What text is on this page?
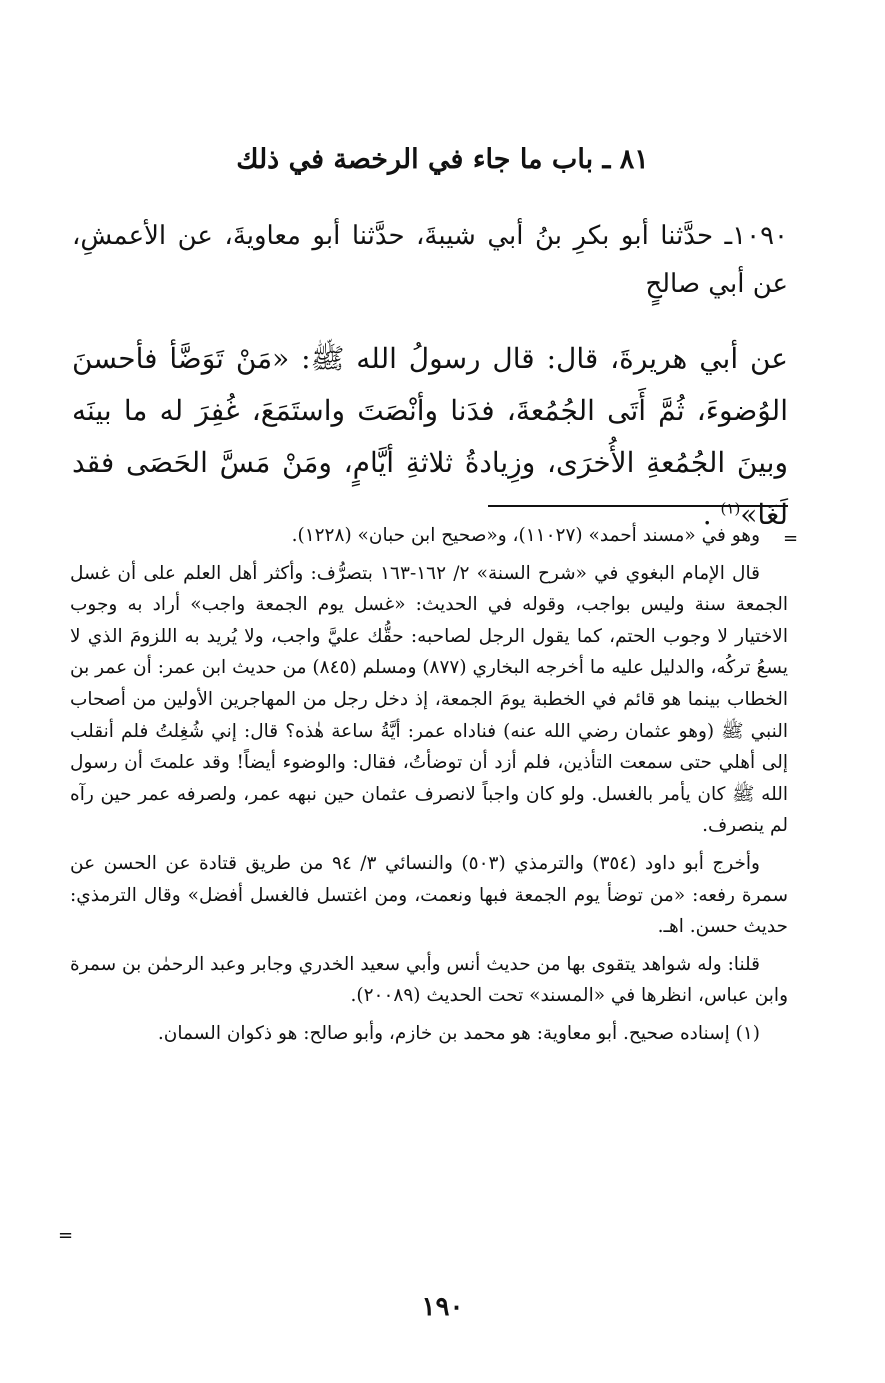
٨١ ـ باب ما جاء في الرخصة في ذلك

١٠٩٠ـ حدَّثنا أبو بكرِ بنُ أبي شيبةَ، حدَّثنا أبو معاويةَ، عن الأعمشِ، عن أبي صالحٍ

عن أبي هريرةَ، قال: قال رسولُ الله ﷺ: «مَنْ تَوَضَّأ فأحسنَ الوُضوءَ، ثُمَّ أَتَى الجُمُعةَ، فدَنا وأنْصَتَ واستَمَعَ، غُفِرَ له ما بينَه وبينَ الجُمُعةِ الأُخرَى، وزِيادةُ ثلاثةِ أيَّامٍ، ومَنْ مَسَّ الحَصَى فقد لَغَا»$^{(١)}$ .

=

وهو في «مسند أحمد» (١١٠٢٧)، و«صحيح ابن حبان» (١٢٢٨).

قال الإمام البغوي في «شرح السنة» ٢/ ١٦٢-١٦٣ بتصرُّف: وأكثر أهل العلم على أن غسل الجمعة سنة وليس بواجب، وقوله في الحديث: «غسل يوم الجمعة واجب» أراد به وجوب الاختيار لا وجوب الحتم، كما يقول الرجل لصاحبه: حقُّك عليَّ واجب، ولا يُريد به اللزومَ الذي لا يسعُ تركُه، والدليل عليه ما أخرجه البخاري (٨٧٧) ومسلم (٨٤٥) من حديث ابن عمر: أن عمر بن الخطاب بينما هو قائم في الخطبة يومَ الجمعة، إذ دخل رجل من المهاجرين الأولين من أصحاب النبي ﷺ (وهو عثمان رضي الله عنه) فناداه عمر: أيَّةُ ساعة هٰذه؟ قال: إني شُغِلتُ فلم أنقلب إلى أهلي حتى سمعت التأذين، فلم أزد أن توضأتُ، فقال: والوضوء أيضاً! وقد علمتَ أن رسول الله ﷺ كان يأمر بالغسل. ولو كان واجباً لانصرف عثمان حين نبهه عمر، ولصرفه عمر حين رآه لم ينصرف.

وأخرج أبو داود (٣٥٤) والترمذي (٥٠٣) والنسائي ٣/ ٩٤ من طريق قتادة عن الحسن عن سمرة رفعه: «من توضأ يوم الجمعة فبها ونعمت، ومن اغتسل فالغسل أفضل» وقال الترمذي: حديث حسن. اهـ.

قلنا: وله شواهد يتقوى بها من حديث أنس وأبي سعيد الخدري وجابر وعبد الرحمٰن بن سمرة وابن عباس، انظرها في «المسند» تحت الحديث (٢٠٠٨٩).

(١) إسناده صحيح. أبو معاوية: هو محمد بن خازم، وأبو صالح: هو ذكوان السمان.

=
١٩٠
